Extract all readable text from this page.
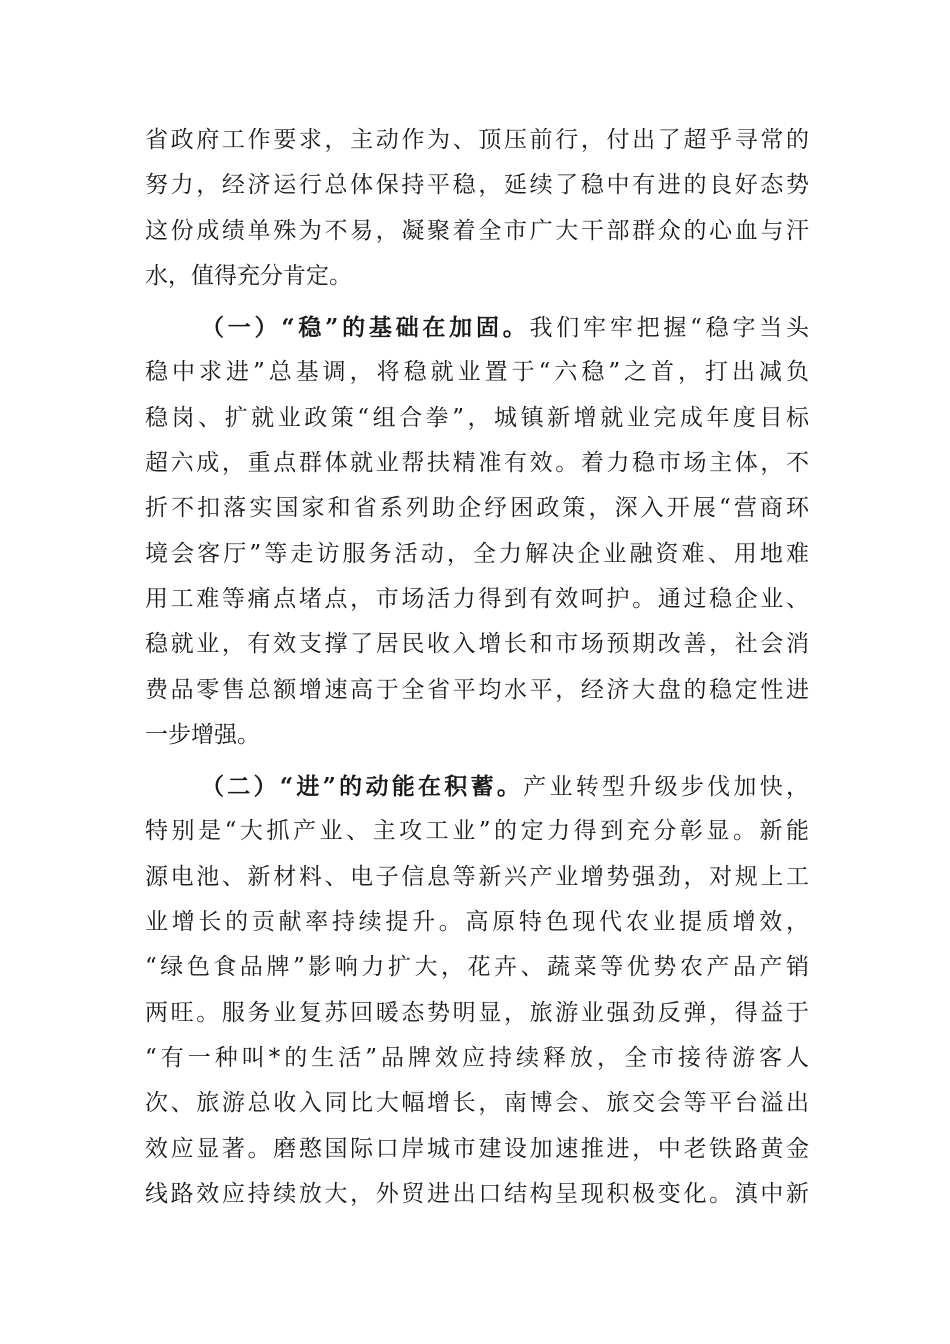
省政府工作要求，主动作为、顶压前行，付出了超乎寻常的
努力，经济运行总体保持平稳，延续了稳中有进的良好态势
这份成绩单殊为不易，凝聚着全市广大干部群众的心血与汗
水，值得充分肯定。
（一）“稳”的基础在加固。我们牢牢把握“稳字当头
稳中求进”总基调，将稳就业置于“六稳”之首，打出减负
稳岗、扩就业政策“组合拳”，城镇新增就业完成年度目标
超六成，重点群体就业帮扶精准有效。着力稳市场主体，不
折不扣落实国家和省系列助企纾困政策，深入开展“营商环
境会客厅”等走访服务活动，全力解决企业融资难、用地难
用工难等痛点堵点，市场活力得到有效呵护。通过稳企业、
稳就业，有效支撑了居民收入增长和市场预期改善，社会消
费品零售总额增速高于全省平均水平，经济大盘的稳定性进
一步增强。
（二）“进”的动能在积蓄。产业转型升级步伐加快，
特别是“大抓产业、主攻工业”的定力得到充分彰显。新能
源电池、新材料、电子信息等新兴产业增势强劲，对规上工
业增长的贡献率持续提升。高原特色现代农业提质增效，
“绿色食品牌”影响力扩大，花卉、蔬菜等优势农产品产销
两旺。服务业复苏回暖态势明显，旅游业强劲反弹，得益于
“有一种叫*的生活”品牌效应持续释放，全市接待游客人
次、旅游总收入同比大幅增长，南博会、旅交会等平台溢出
效应显著。磨憨国际口岸城市建设加速推进，中老铁路黄金
线路效应持续放大，外贸进出口结构呈现积极变化。滇中新
